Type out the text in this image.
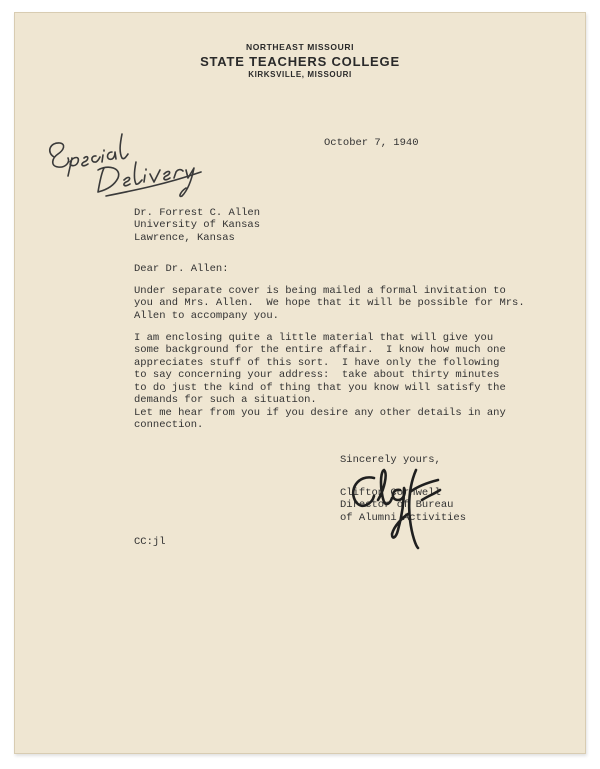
NORTHEAST MISSOURI
STATE TEACHERS COLLEGE
KIRKSVILLE, MISSOURI
October 7, 1940
Dr. Forrest C. Allen
University of Kansas
Lawrence, Kansas
Dear Dr. Allen:
Under separate cover is being mailed a formal invitation to
you and Mrs. Allen.  We hope that it will be possible for Mrs.
Allen to accompany you.
I am enclosing quite a little material that will give you
some background for the entire affair.  I know how much one
appreciates stuff of this sort.  I have only the following
to say concerning your address:  take about thirty minutes
to do just the kind of thing that you know will satisfy the
demands for such a situation.
Let me hear from you if you desire any other details in any
connection.
Sincerely yours,
Clifton Cornwell
Director of Bureau
of Alumni Activities
CC:jl
